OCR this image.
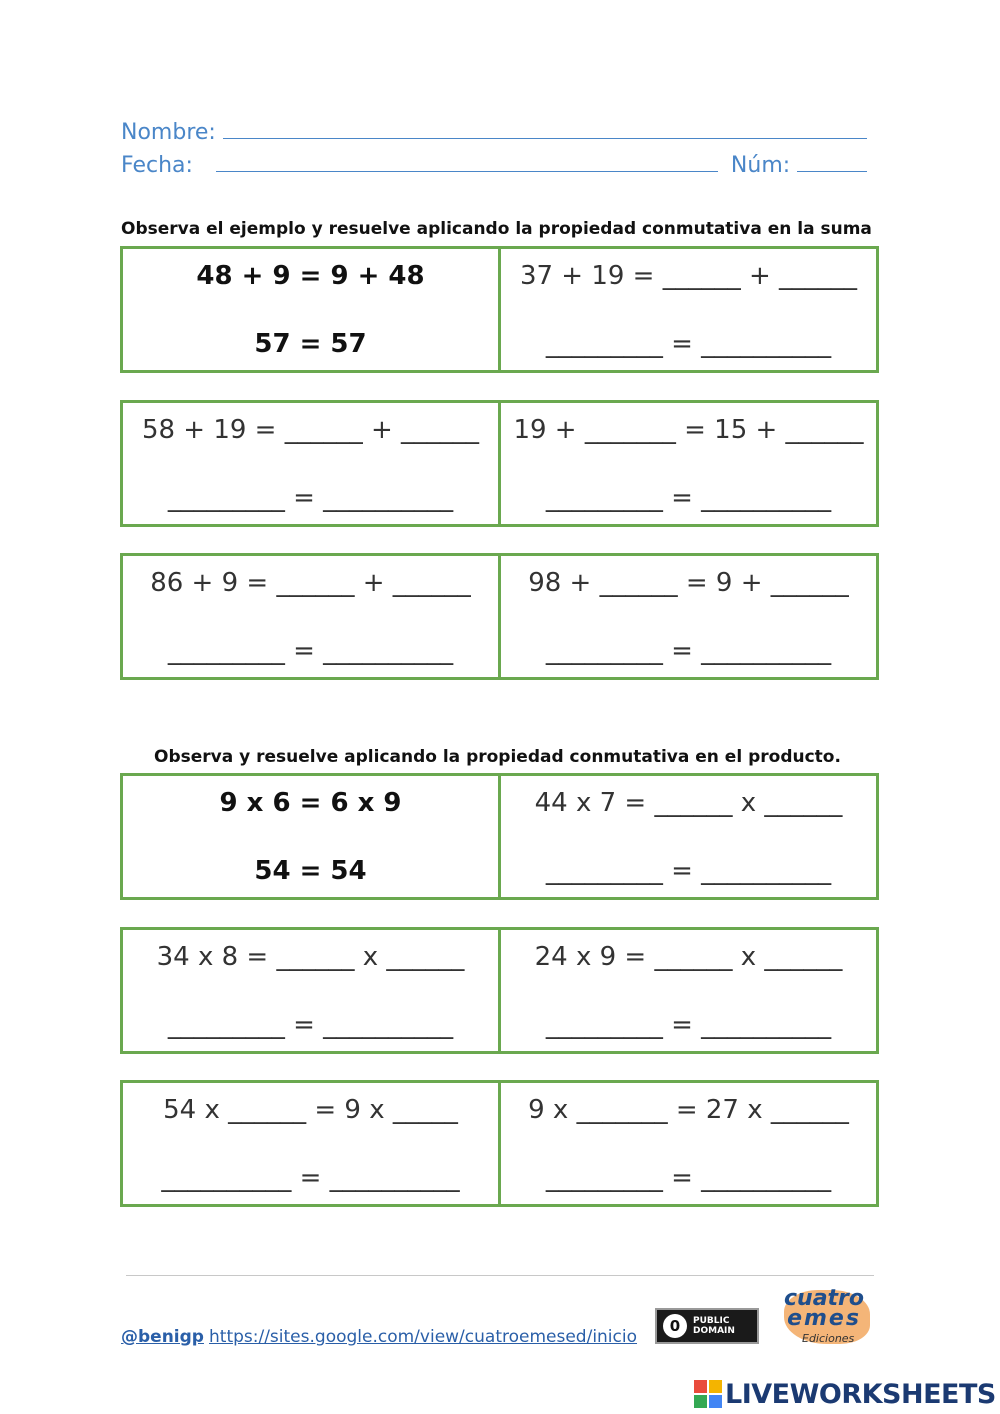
Nombre:
Fecha:	Núm:
Observa el ejemplo y resuelve aplicando la propiedad conmutativa en la suma
48 + 9 = 9 + 48
57 = 57
37 + 19 = ______ + ______
_________ = __________
58 + 19 = ______ + ______
_________ = __________
19 + _______ = 15 + ______
_________ = __________
86 + 9 = ______ + ______
_________ = __________
98 + ______ = 9 + ______
_________ = __________
Observa y resuelve aplicando la propiedad conmutativa en el producto.
9 x 6 = 6 x 9
54 = 54
44 x 7 = ______ x ______
_________ = __________
34 x 8 = ______ x ______
_________ = __________
24 x 9 = ______ x ______
_________ = __________
54 x ______ = 9 x _____
__________ = __________
9 x _______ = 27 x ______
_________ = __________
@benigp https://sites.google.com/view/cuatroemesed/inicio
0	PUBLIC
DOMAIN
cuatro
emes
Ediciones
LIVEWORKSHEETS
